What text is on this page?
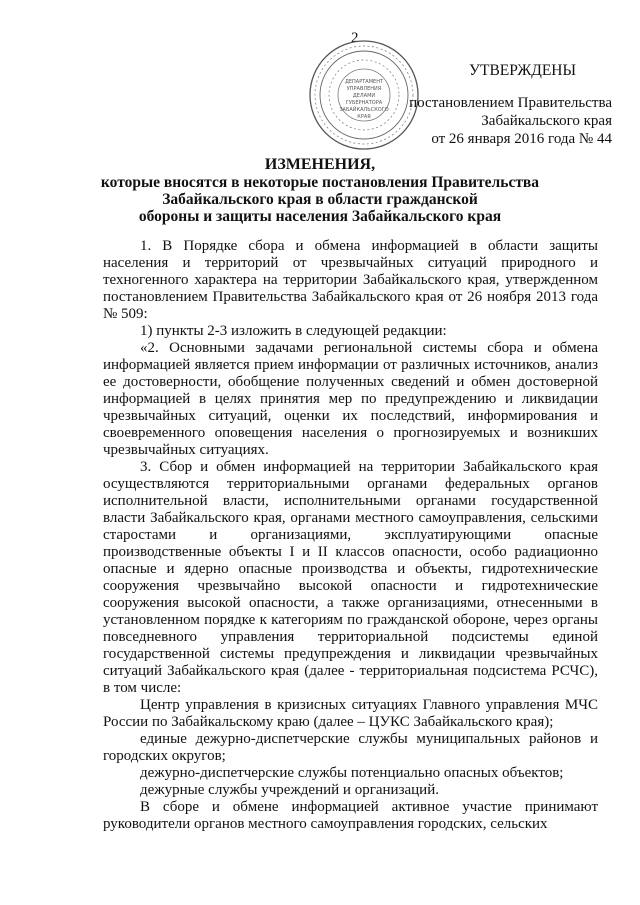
2
ДЕПАРТАМЕНТ
УПРАВЛЕНИЯ
ДЕЛАМИ
ГУБЕРНАТОРА
ЗАБАЙКАЛЬСКОГО
КРАЯ
УТВЕРЖДЕНЫ
постановлением Правительства
Забайкальского края
от 26 января 2016 года № 44
ИЗМЕНЕНИЯ,
которые вносятся в некоторые постановления Правительства
Забайкальского края в области гражданской
обороны и защиты населения Забайкальского края

1. В Порядке сбора и обмена информацией в области защиты населения и территорий от чрезвычайных ситуаций природного и техногенного характера на территории Забайкальского края, утвержденном постановлением Правительства Забайкальского края от 26 ноября 2013 года № 509:

1) пункты 2-3 изложить в следующей редакции:

«2. Основными задачами региональной системы сбора и обмена информацией является прием информации от различных источников, анализ ее достоверности, обобщение полученных сведений и обмен достоверной информацией в целях принятия мер по предупреждению и ликвидации чрезвычайных ситуаций, оценки их последствий, информирования и своевременного оповещения населения о прогнозируемых и возникших чрезвычайных ситуациях.

3. Сбор и обмен информацией на территории Забайкальского края осуществляются территориальными органами федеральных органов исполнительной власти, исполнительными органами государственной власти Забайкальского края, органами местного самоуправления, сельскими старостами и организациями, эксплуатирующими опасные производственные объекты I и II классов опасности, особо радиационно опасные и ядерно опасные производства и объекты, гидротехнические сооружения чрезвычайно высокой опасности и гидротехнические сооружения высокой опасности, а также организациями, отнесенными в установленном порядке к категориям по гражданской обороне, через органы повседневного управления территориальной подсистемы единой государственной системы предупреждения и ликвидации чрезвычайных ситуаций Забайкальского края (далее - территориальная подсистема РСЧС), в том числе:

Центр управления в кризисных ситуациях Главного управления МЧС России по Забайкальскому краю (далее – ЦУКС Забайкальского края);

единые дежурно-диспетчерские службы муниципальных районов и городских округов;

дежурно-диспетчерские службы потенциально опасных объектов;

дежурные службы учреждений и организаций.

В сборе и обмене информацией активное участие принимают руководители органов местного самоуправления городских, сельских
